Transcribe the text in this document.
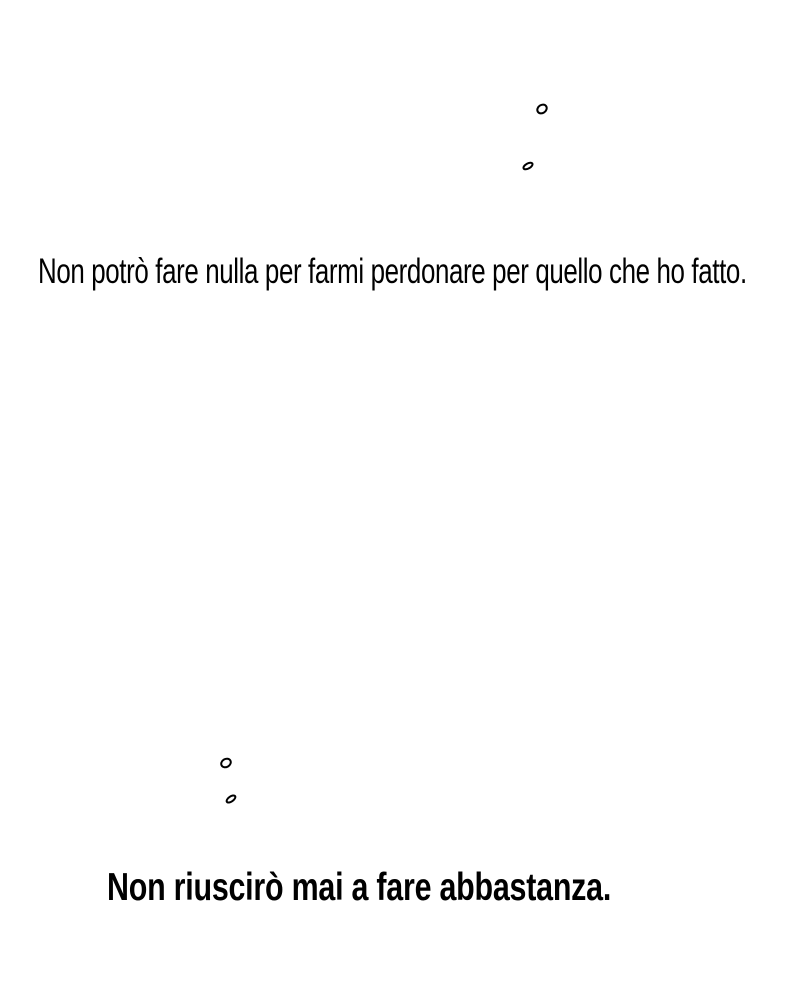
Non potrò fare nulla per farmi perdonare per quello che ho fatto.

Non riuscirò mai a fare abbastanza.
